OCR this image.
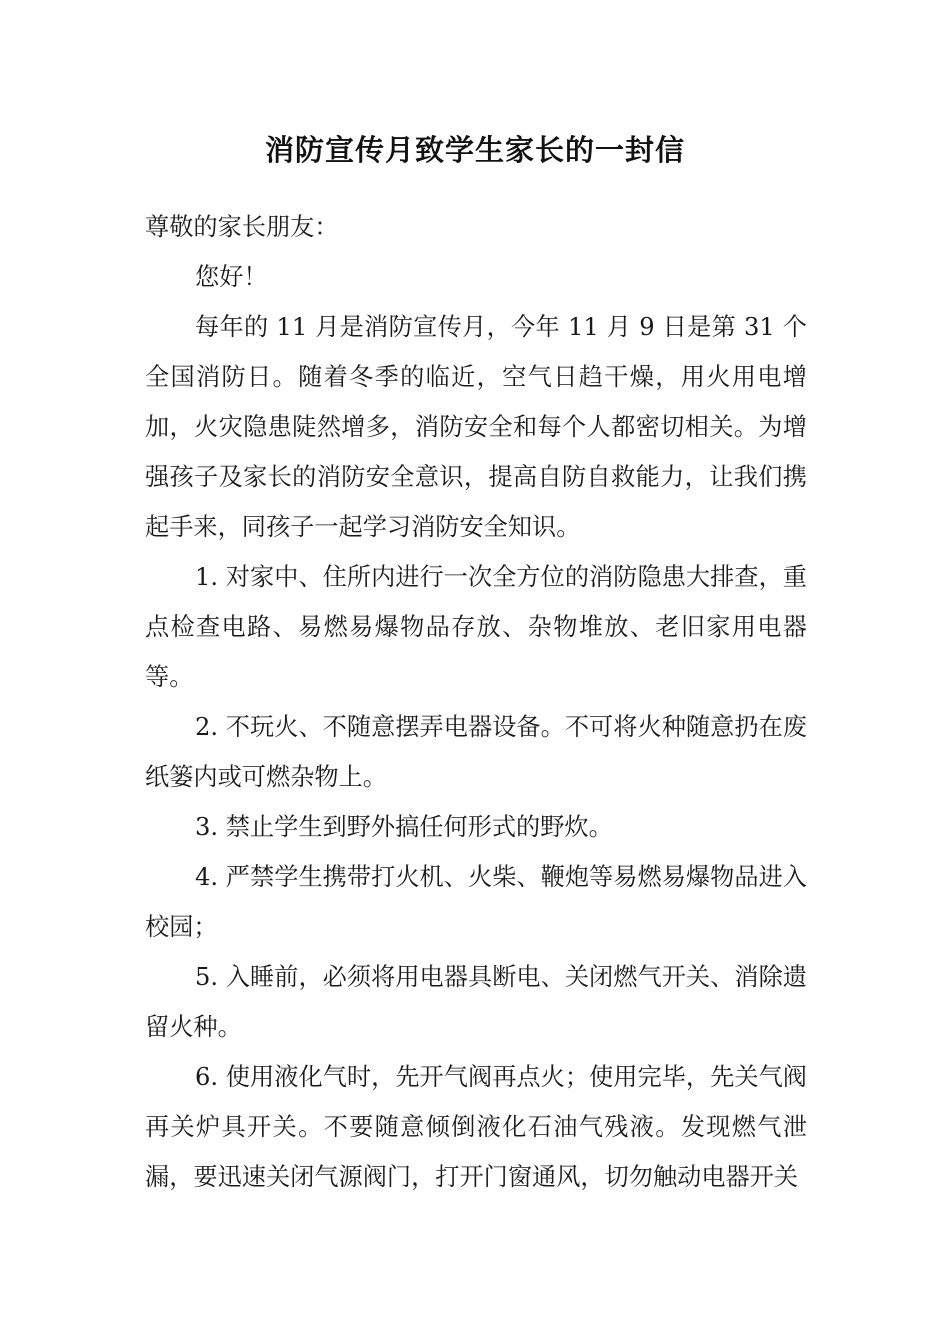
消防宣传月致学生家长的一封信

尊敬的家长朋友：

您好！

每年的 11 月是消防宣传月，今年 11 月 9 日是第 31 个全国消防日。随着冬季的临近，空气日趋干燥，用火用电增加，火灾隐患陡然增多，消防安全和每个人都密切相关。为增强孩子及家长的消防安全意识，提高自防自救能力，让我们携起手来，同孩子一起学习消防安全知识。

1. 对家中、住所内进行一次全方位的消防隐患大排查，重点检查电路、易燃易爆物品存放、杂物堆放、老旧家用电器等。

2. 不玩火、不随意摆弄电器设备。不可将火种随意扔在废纸篓内或可燃杂物上。

3. 禁止学生到野外搞任何形式的野炊。

4. 严禁学生携带打火机、火柴、鞭炮等易燃易爆物品进入校园；

5. 入睡前，必须将用电器具断电、关闭燃气开关、消除遗留火种。

6. 使用液化气时，先开气阀再点火；使用完毕，先关气阀再关炉具开关。不要随意倾倒液化石油气残液。发现燃气泄漏，要迅速关闭气源阀门，打开门窗通风，切勿触动电器开关
